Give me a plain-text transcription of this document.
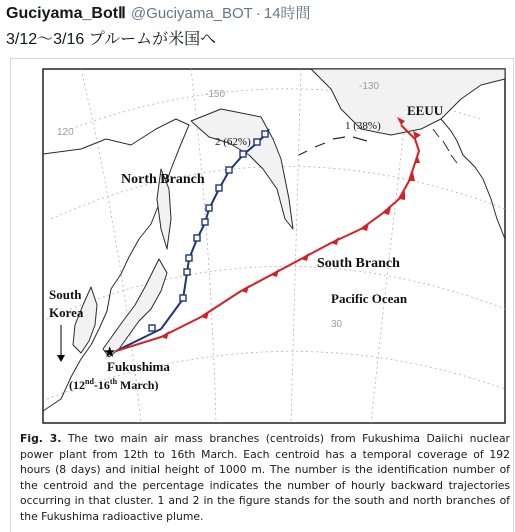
Guciyama_BotⅡ @Guciyama_BOT · 14時間
3/12～3/16 プルームが米国へ
-150
120
-130
30
★
EEUU
North Branch
South Branch
Pacific Ocean
South
Korea
Fukushima
(12nd-16th March)
1 (38%)
2 (62%)
Fig. 3. The two main air mass branches (centroids) from Fukushima Daiichi nuclear power plant from 12th to 16th March. Each centroid has a temporal coverage of 192 hours (8 days) and initial height of 1000 m. The number is the identification number of the centroid and the percentage indicates the number of hourly backward trajectories occurring in that cluster. 1 and 2 in the figure stands for the south and north branches of the Fukushima radioactive plume.
